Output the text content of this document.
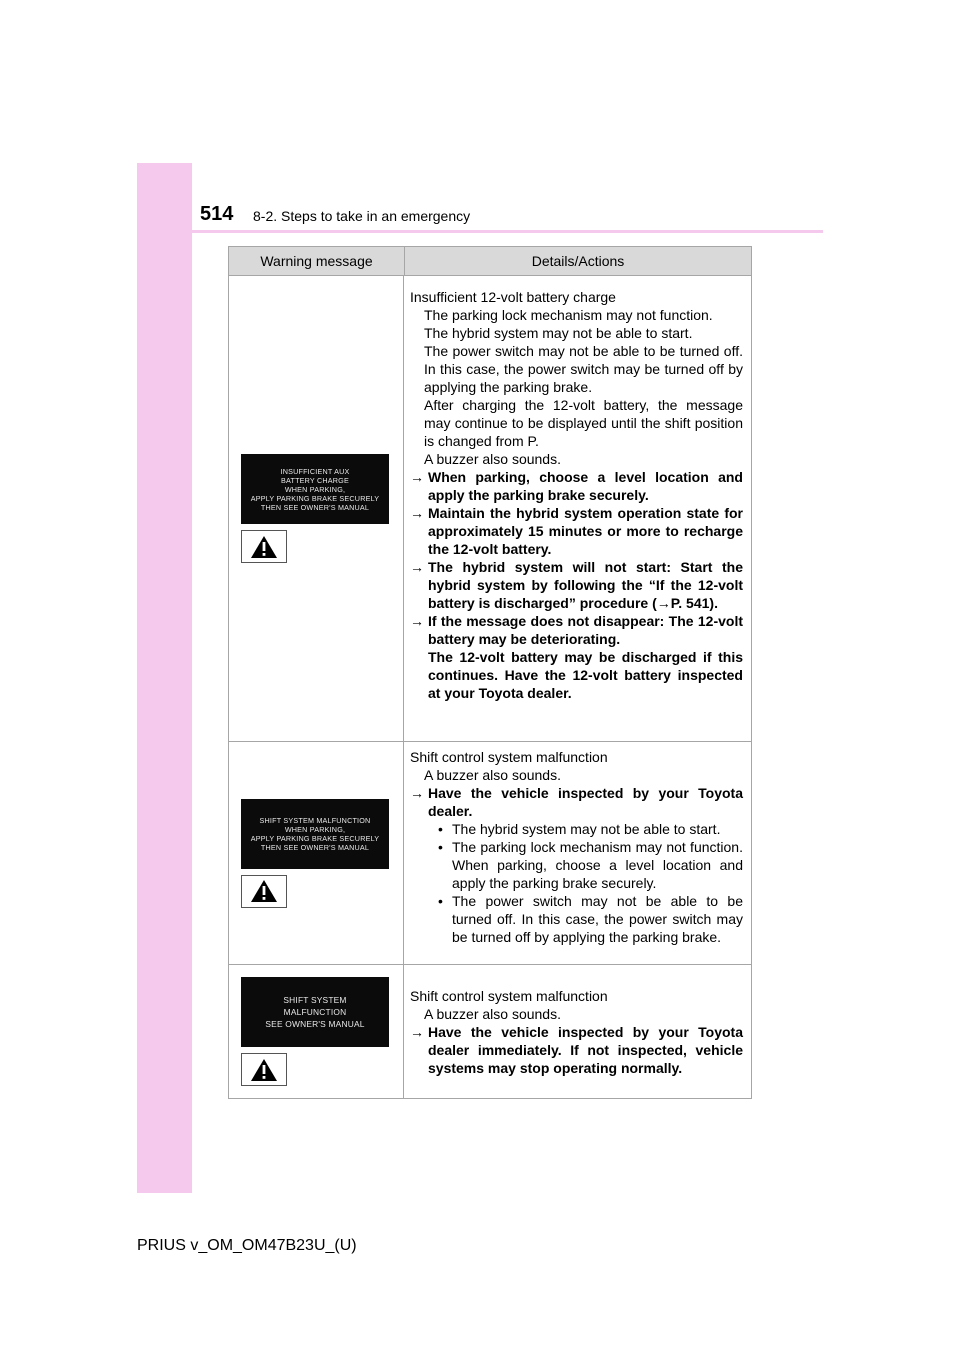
514 8-2. Steps to take in an emergency
Warning message	Details/Actions
INSUFFICIENT AUX
BATTERY CHARGE
WHEN PARKING,
APPLY PARKING BRAKE SECURELY
THEN SEE OWNER'S MANUAL

Insufficient 12-volt battery charge

The parking lock mechanism may not function.

The hybrid system may not be able to start.

The power switch may not be able to be turned off. In this case, the power switch may be turned off by applying the parking brake.

After charging the 12-volt battery, the message may continue to be displayed until the shift position is changed from P.

A buzzer also sounds.

→ When parking, choose a level location and apply the parking brake securely.
→ Maintain the hybrid system operation state for approximately 15 minutes or more to recharge the 12-volt battery.
→ The hybrid system will not start: Start the hybrid system by following the “If the 12-volt battery is discharged” procedure (→P. 541).
→ If the message does not disappear: The 12-volt battery may be deteriorating.
The 12-volt battery may be discharged if this continues. Have the 12-volt battery inspected at your Toyota dealer.
SHIFT SYSTEM MALFUNCTION
WHEN PARKING,
APPLY PARKING BRAKE SECURELY
THEN SEE OWNER'S MANUAL

Shift control system malfunction

A buzzer also sounds.

→ Have the vehicle inspected by your Toyota dealer.
• The hybrid system may not be able to start.
• The parking lock mechanism may not function. When parking, choose a level location and apply the parking brake securely.
• The power switch may not be able to be turned off. In this case, the power switch may be turned off by applying the parking brake.
SHIFT SYSTEM
MALFUNCTION
SEE OWNER'S MANUAL

Shift control system malfunction

A buzzer also sounds.

→ Have the vehicle inspected by your Toyota dealer immediately. If not inspected, vehicle systems may stop operating normally.
PRIUS v_OM_OM47B23U_(U)
